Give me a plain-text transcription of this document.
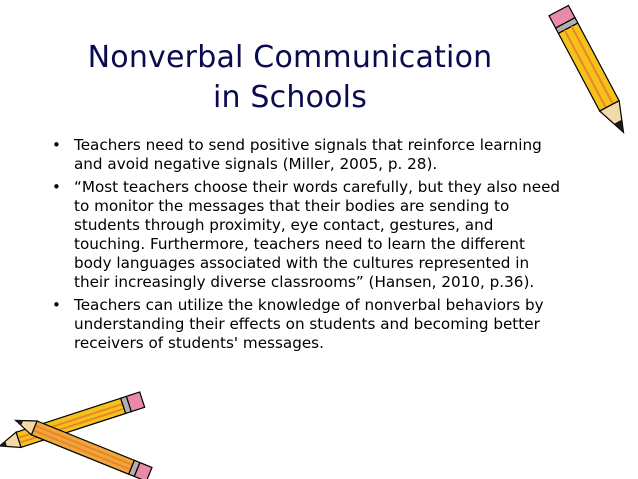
Nonverbal Communication
in Schools
• Teachers need to send positive signals that reinforce learning and avoid negative signals (Miller, 2005, p. 28).
• “Most teachers choose their words carefully, but they also need to monitor the messages that their bodies are sending to students through proximity, eye contact, gestures, and touching. Furthermore, teachers need to learn the different body languages associated with the cultures represented in their increasingly diverse classrooms” (Hansen, 2010, p.36).
• Teachers can utilize the knowledge of nonverbal behaviors by understanding their effects on students and becoming better receivers of students' messages.
